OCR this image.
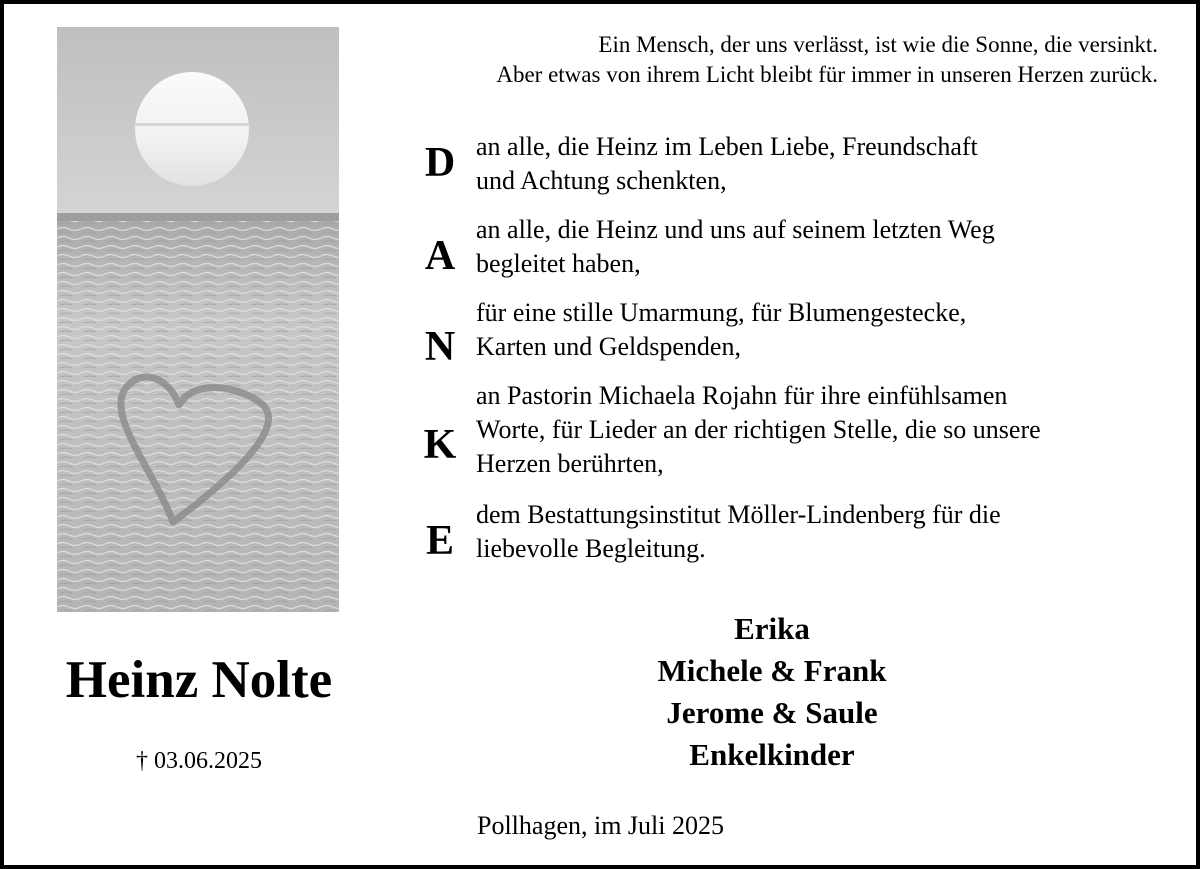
Heinz Nolte
† 03.06.2025
Ein Mensch, der uns verlässt, ist wie die Sonne, die versinkt.
Aber etwas von ihrem Licht bleibt für immer in unseren Herzen zurück.
D an alle, die Heinz im Leben Liebe, Freundschaft
und Achtung schenkten,
A
an alle, die Heinz und uns auf seinem letzten Weg
begleitet haben,
N
für eine stille Umarmung, für Blumengestecke,
Karten und Geldspenden,
K
an Pastorin Michaela Rojahn für ihre einfühlsamen
Worte, für Lieder an der richtigen Stelle, die so unsere
Herzen berührten,
E
dem Bestattungsinstitut Möller-Lindenberg für die
liebevolle Begleitung.
Erika
Michele & Frank
Jerome & Saule
Enkelkinder
Pollhagen, im Juli 2025
